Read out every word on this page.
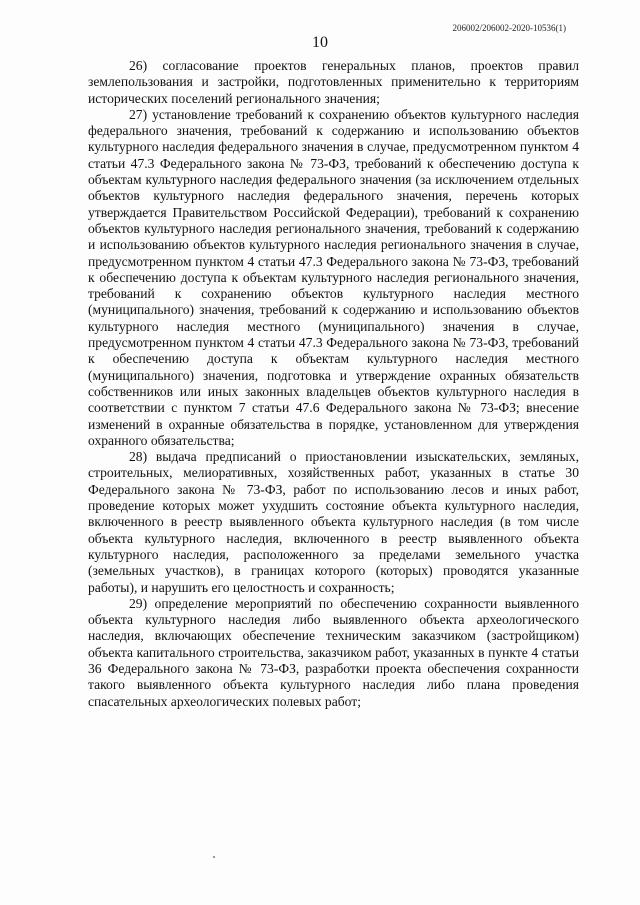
206002/206002-2020-10536(1)
10

26) согласование проектов генеральных планов, проектов правил землепользования и застройки, подготовленных применительно к территориям исторических поселений регионального значения;

27) установление требований к сохранению объектов культурного наследия федерального значения, требований к содержанию и использованию объектов культурного наследия федерального значения в случае, предусмотренном пунктом 4 статьи 47.3 Федерального закона № 73-ФЗ, требований к обеспечению доступа к объектам культурного наследия федерального значения (за исключением отдельных объектов культурного наследия федерального значения, перечень которых утверждается Правительством Российской Федерации), требований к сохранению объектов культурного наследия регионального значения, требований к содержанию и использованию объектов культурного наследия регионального значения в случае, предусмотренном пунктом 4 статьи 47.3 Федерального закона № 73-ФЗ, требований к обеспечению доступа к объектам культурного наследия регионального значения, требований к сохранению объектов культурного наследия местного (муниципального) значения, требований к содержанию и использованию объектов культурного наследия местного (муниципального) значения в случае, предусмотренном пунктом 4 статьи 47.3 Федерального закона № 73-ФЗ, требований к обеспечению доступа к объектам культурного наследия местного (муниципального) значения, подготовка и утверждение охранных обязательств собственников или иных законных владельцев объектов культурного наследия в соответствии с пунктом 7 статьи 47.6 Федерального закона № 73-ФЗ; внесение изменений в охранные обязательства в порядке, установленном для утверждения охранного обязательства;

28) выдача предписаний о приостановлении изыскательских, земляных, строительных, мелиоративных, хозяйственных работ, указанных в статье 30 Федерального закона № 73-ФЗ, работ по использованию лесов и иных работ, проведение которых может ухудшить состояние объекта культурного наследия, включенного в реестр выявленного объекта культурного наследия (в том числе объекта культурного наследия, включенного в реестр выявленного объекта культурного наследия, расположенного за пределами земельного участка (земельных участков), в границах которого (которых) проводятся указанные работы), и нарушить его целостность и сохранность;

29) определение мероприятий по обеспечению сохранности выявленного объекта культурного наследия либо выявленного объекта археологического наследия, включающих обеспечение техническим заказчиком (застройщиком) объекта капитального строительства, заказчиком работ, указанных в пункте 4 статьи 36 Федерального закона № 73-ФЗ, разработки проекта обеспечения сохранности такого выявленного объекта культурного наследия либо плана проведения спасательных археологических полевых работ;
